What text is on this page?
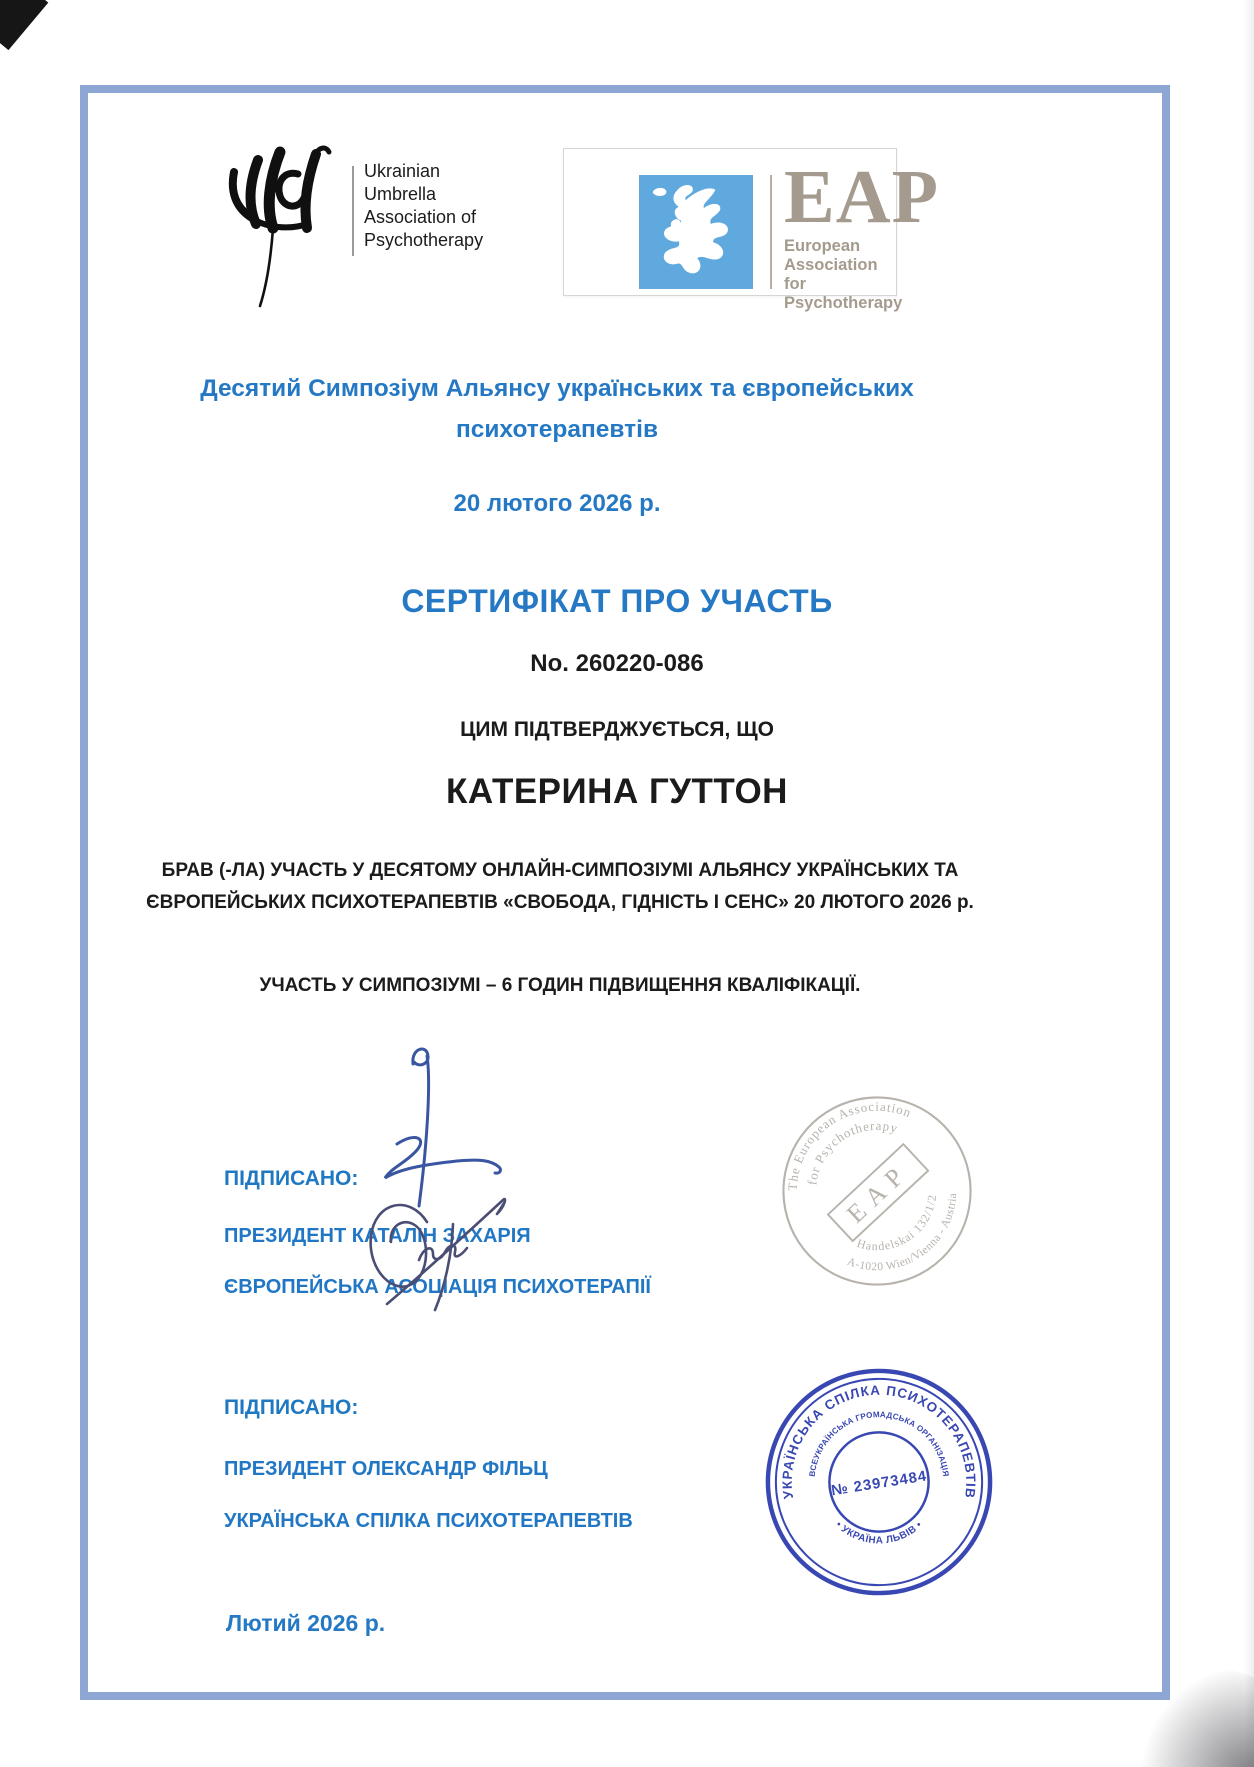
Ukrainian
Umbrella
Association of
Psychotherapy
EAP
European Association
for Psychotherapy
Десятий Симпозіум Альянсу українських та європейських психотерапевтів
20 лютого 2026 р.
СЕРТИФІКАТ ПРО УЧАСТЬ
No. 260220-086
ЦИМ ПІДТВЕРДЖУЄТЬСЯ, ЩО
КАТЕРИНА ГУТТОН
БРАВ (-ЛА) УЧАСТЬ У ДЕСЯТОМУ ОНЛАЙН-СИМПОЗІУМІ АЛЬЯНСУ УКРАЇНСЬКИХ ТА ЄВРОПЕЙСЬКИХ ПСИХОТЕРАПЕВТІВ «СВОБОДА, ГІДНІСТЬ І СЕНС» 20 ЛЮТОГО 2026 р.
УЧАСТЬ У СИМПОЗІУМІ – 6 ГОДИН ПІДВИЩЕННЯ КВАЛІФІКАЦІЇ.
ПІДПИСАНО:
ПРЕЗИДЕНТ КАТАЛІН ЗАХАРІЯ
ЄВРОПЕЙСЬКА АСОЦІАЦІЯ ПСИХОТЕРАПІЇ
The European Association
for Psychotherapy
Handelskai 132/1/2
A-1020 Wien/Vienna - Austria
EAP
ПІДПИСАНО:
ПРЕЗИДЕНТ ОЛЕКСАНДР ФІЛЬЦ
УКРАЇНСЬКА СПІЛКА ПСИХОТЕРАПЕВТІВ
УКРАЇНСЬКА СПІЛКА ПСИХОТЕРАПЕВТІВ
ВСЕУКРАЇНСЬКА ГРОМАДСЬКА ОРГАНІЗАЦІЯ
• УКРАЇНА ЛЬВІВ •
№ 23973484
Лютий 2026 р.
